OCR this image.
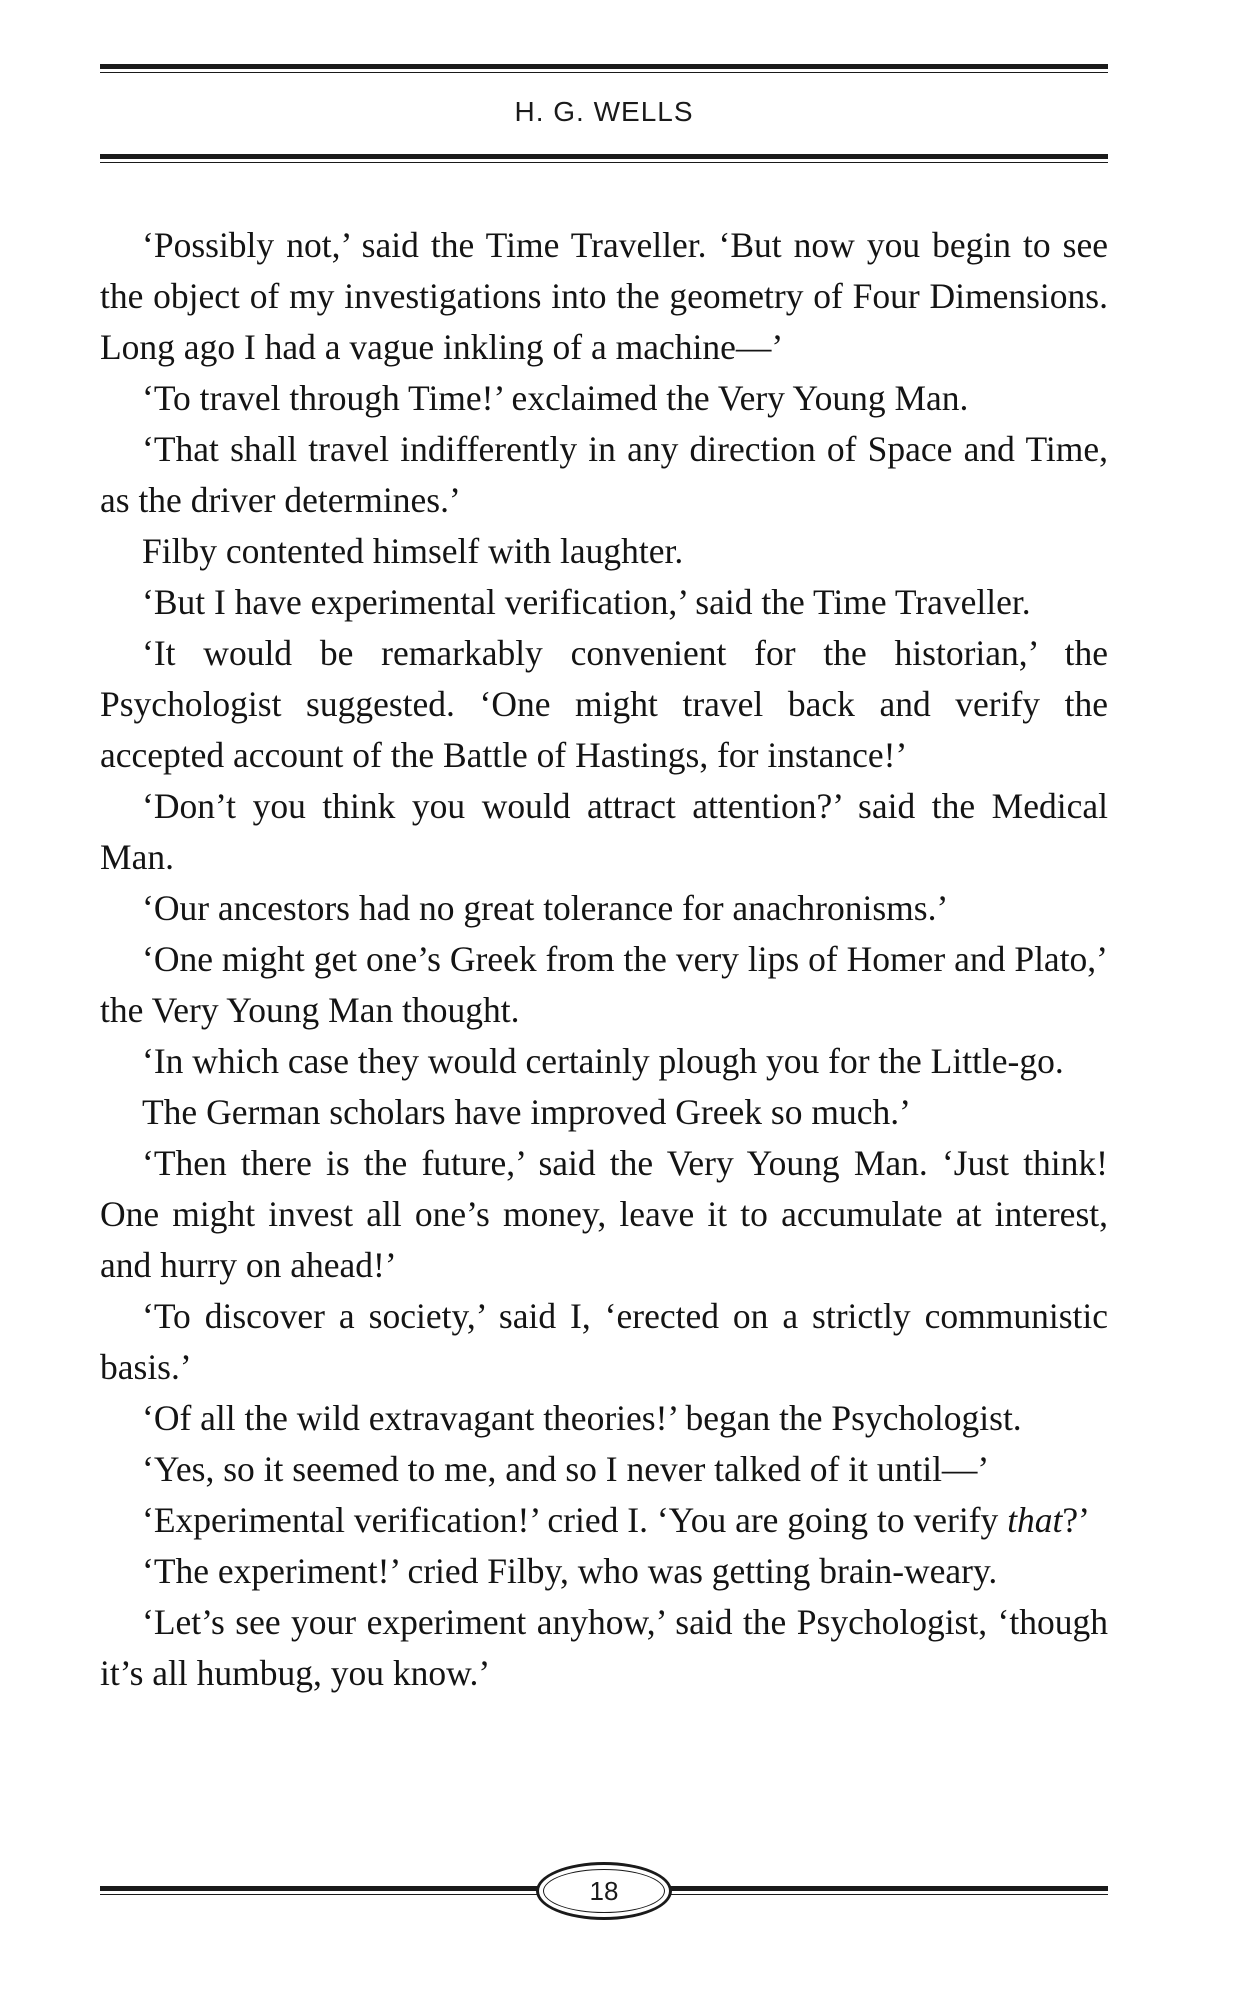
H. G. WELLS

‘Possibly not,’ said the Time Traveller. ‘But now you begin to see the object of my investigations into the geometry of Four Dimensions. Long ago I had a vague inkling of a machine—’

‘To travel through Time!’ exclaimed the Very Young Man.

‘That shall travel indifferently in any direction of Space and Time, as the driver determines.’

Filby contented himself with laughter.

‘But I have experimental verification,’ said the Time Traveller.

‘It would be remarkably convenient for the historian,’ the Psychologist suggested. ‘One might travel back and verify the accepted account of the Battle of Hastings, for instance!’

‘Don’t you think you would attract attention?’ said the Medical Man.

‘Our ancestors had no great tolerance for anachronisms.’

‘One might get one’s Greek from the very lips of Homer and Plato,’ the Very Young Man thought.

‘In which case they would certainly plough you for the Little-go.

The German scholars have improved Greek so much.’

‘Then there is the future,’ said the Very Young Man. ‘Just think! One might invest all one’s money, leave it to accumulate at interest, and hurry on ahead!’

‘To discover a society,’ said I, ‘erected on a strictly communistic basis.’

‘Of all the wild extravagant theories!’ began the Psychologist.

‘Yes, so it seemed to me, and so I never talked of it until—’

‘Experimental verification!’ cried I. ‘You are going to verify that?’

‘The experiment!’ cried Filby, who was getting brain-weary.

‘Let’s see your experiment anyhow,’ said the Psychologist, ‘though it’s all humbug, you know.’

18
